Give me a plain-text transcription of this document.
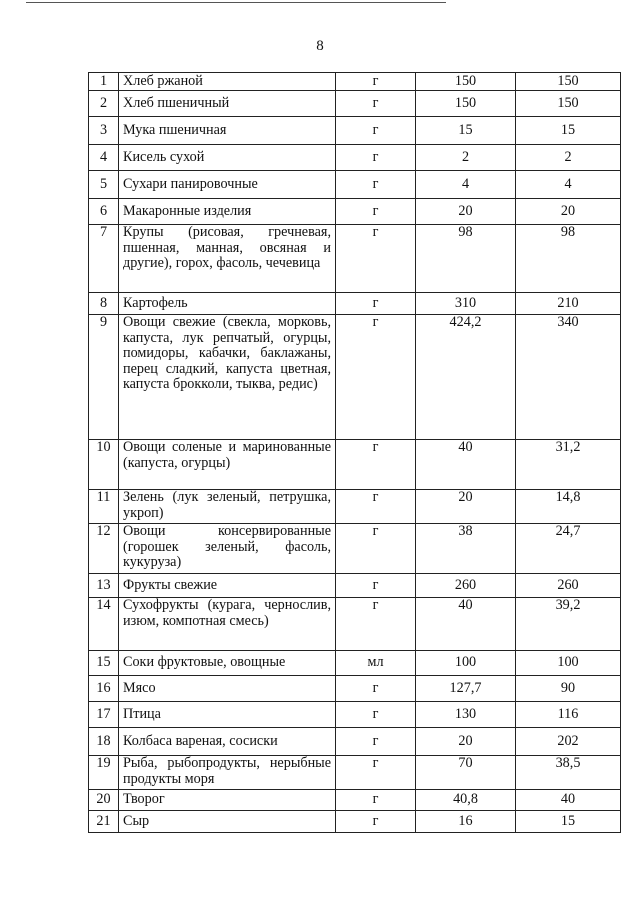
8
1	Хлеб ржаной	г	150	150
2	Хлеб пшеничный	г	150	150
3	Мука пшеничная	г	15	15
4	Кисель сухой	г	2	2
5	Сухари панировочные	г	4	4
6	Макаронные изделия	г	20	20
7	Крупы (рисовая, гречневая, пшенная, манная, овсяная и другие), горох, фасоль, чечевица	г	98	98
8	Картофель	г	310	210
9	Овощи свежие (свекла, морковь, капуста, лук репчатый, огурцы, помидоры, кабачки, баклажаны, перец сладкий, капуста цветная, капуста брокколи, тыква, редис)	г	424,2	340
10	Овощи соленые и маринованные (капуста, огурцы)	г	40	31,2
11	Зелень (лук зеленый, петрушка, укроп)	г	20	14,8
12	Овощи консервированные (горошек зеленый, фасоль, кукуруза)	г	38	24,7
13	Фрукты свежие	г	260	260
14	Сухофрукты (курага, чернослив, изюм, компотная смесь)	г	40	39,2
15	Соки фруктовые, овощные	мл	100	100
16	Мясо	г	127,7	90
17	Птица	г	130	116
18	Колбаса вареная, сосиски	г	20	202
19	Рыба, рыбопродукты, нерыбные продукты моря	г	70	38,5
20	Творог	г	40,8	40
21	Сыр	г	16	15
